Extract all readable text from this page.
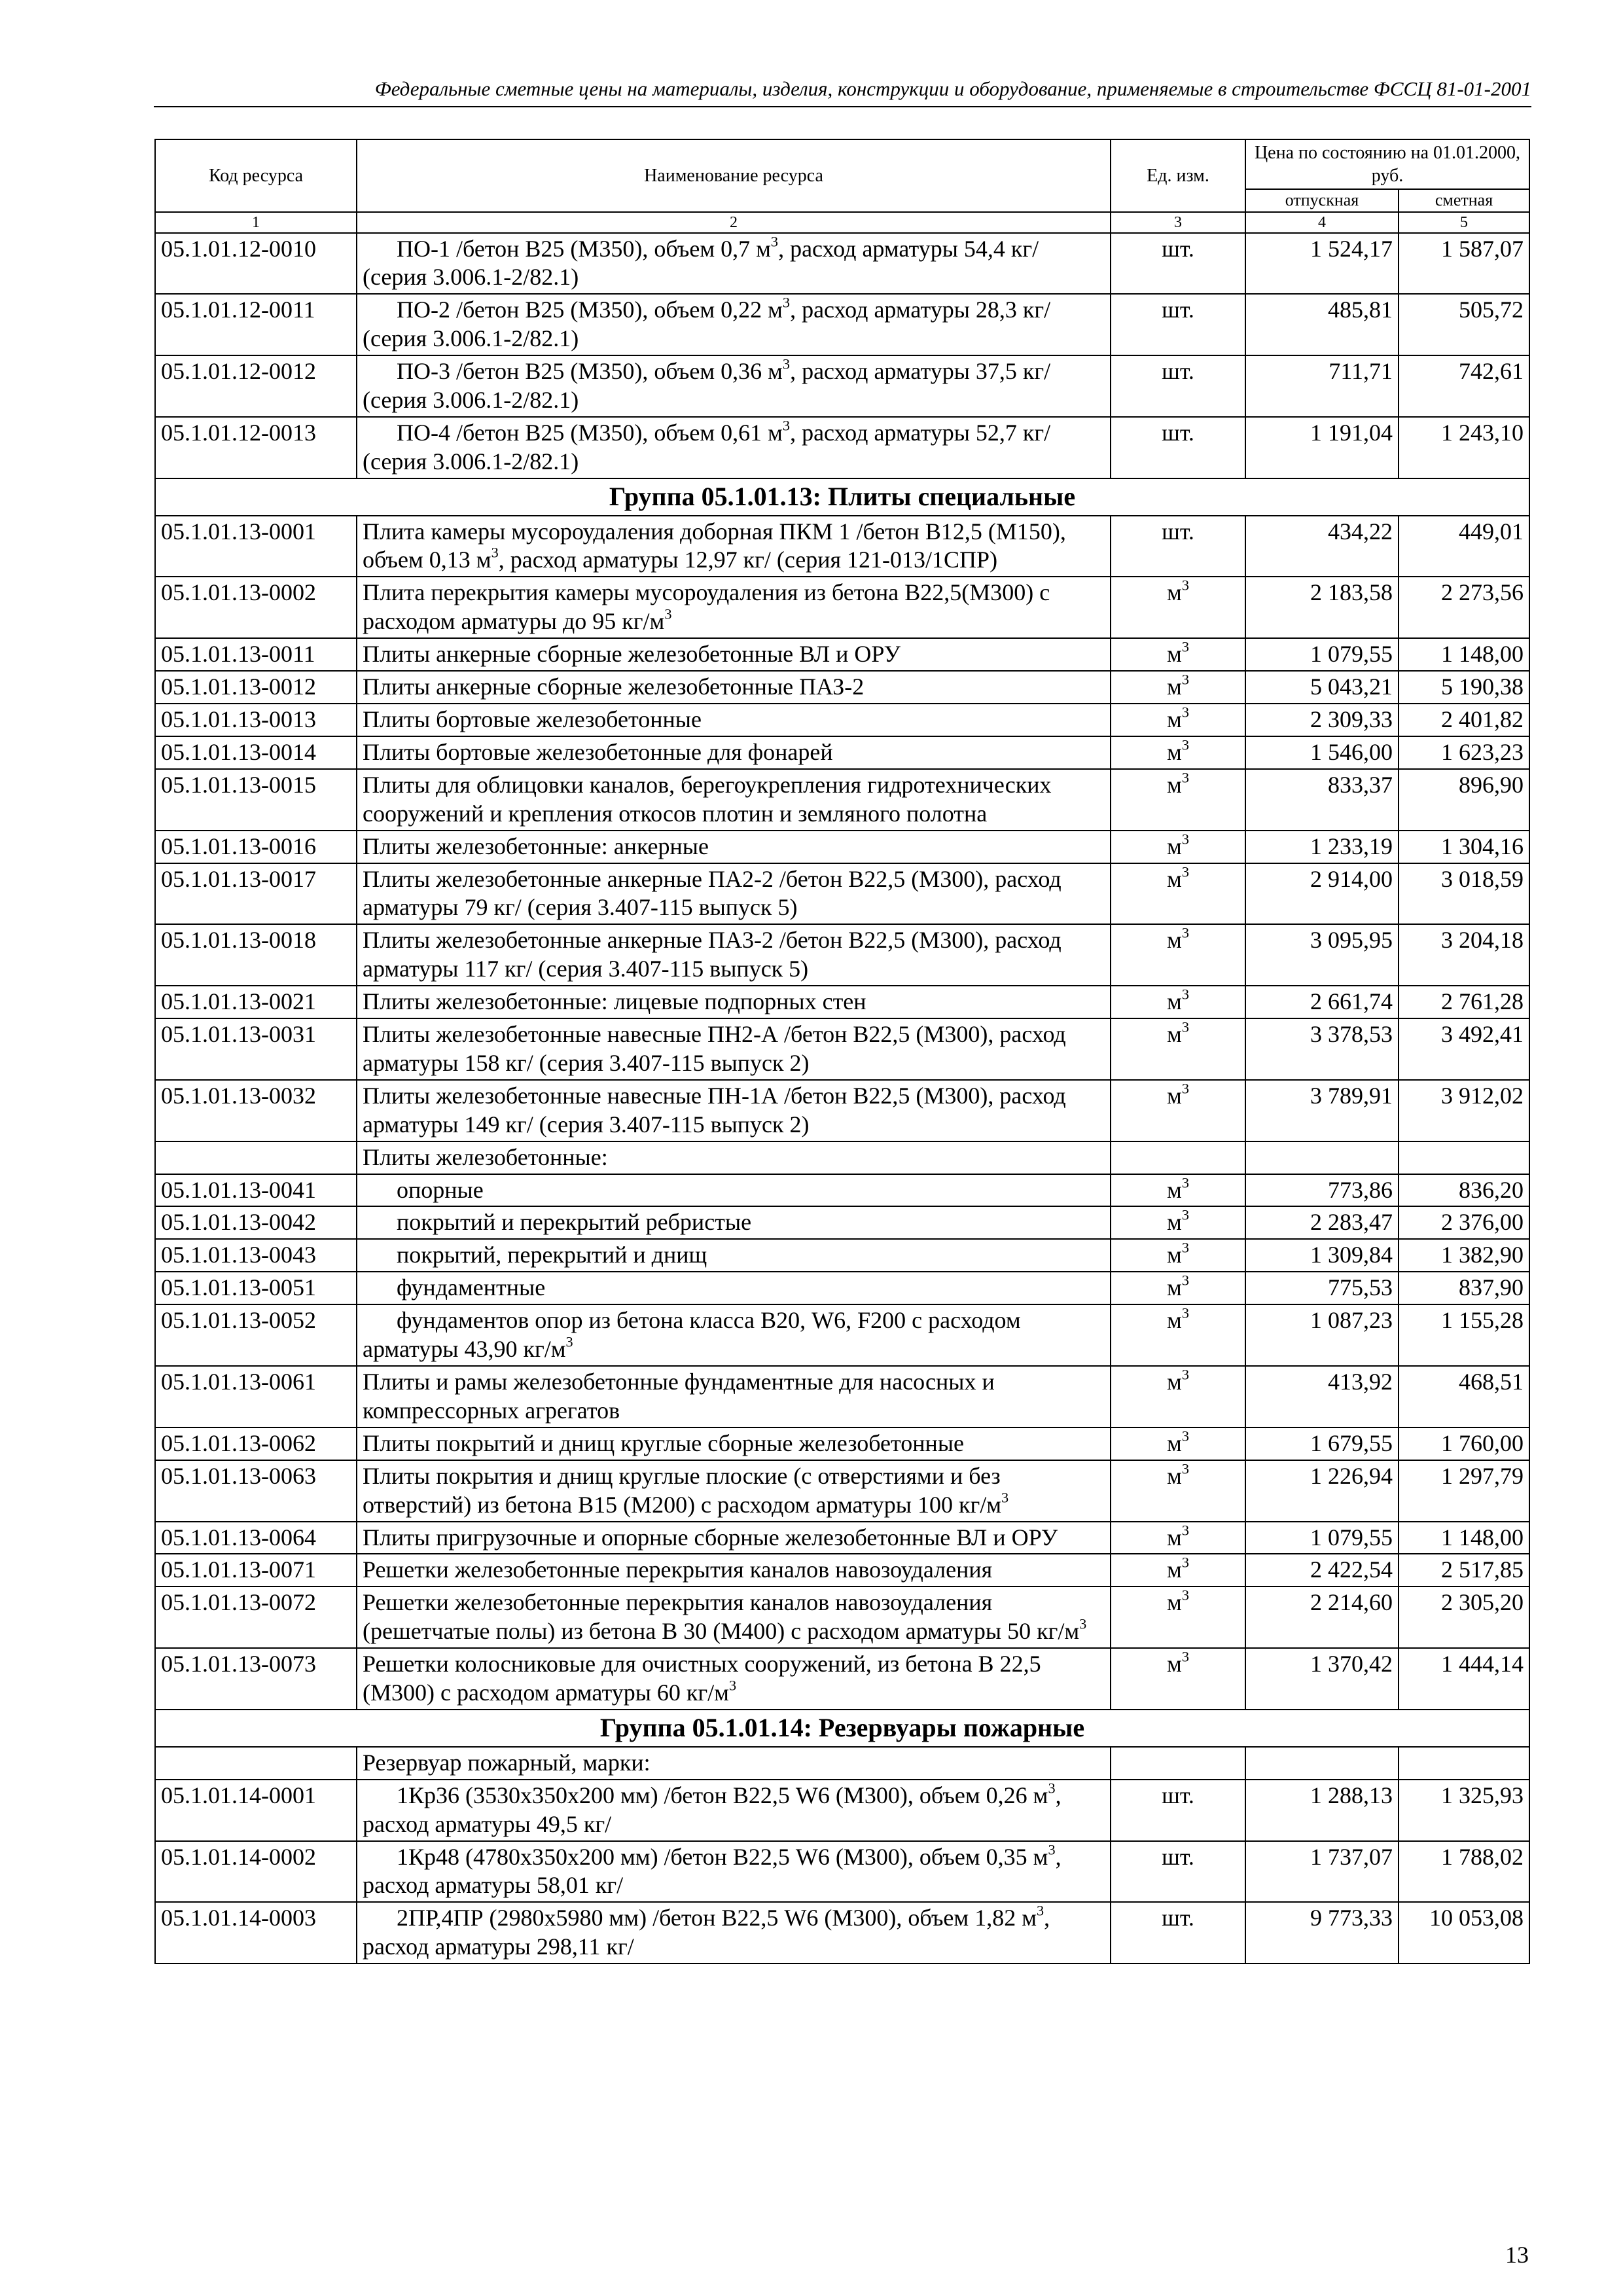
Федеральные сметные цены на материалы, изделия, конструкции и оборудование, применяемые в строительстве ФССЦ 81-01-2001
Код ресурса	Наименование ресурса	Ед. изм.	Цена по состоянию на 01.01.2000, руб.	
			отпускная	сметная
1	2	3	4	5
05.1.01.12-0010	ПО-1 /бетон В25 (М350), объем 0,7 $м^3$, расход арматуры 54,4 кг/ (серия 3.006.1-2/82.1)	шт.	1 524,17	1 587,07
05.1.01.12-0011	ПО-2 /бетон В25 (М350), объем 0,22 $м^3$, расход арматуры 28,3 кг/ (серия 3.006.1-2/82.1)	шт.	485,81	505,72
05.1.01.12-0012	ПО-3 /бетон В25 (М350), объем 0,36 $м^3$, расход арматуры 37,5 кг/ (серия 3.006.1-2/82.1)	шт.	711,71	742,61
05.1.01.12-0013	ПО-4 /бетон В25 (М350), объем 0,61 $м^3$, расход арматуры 52,7 кг/ (серия 3.006.1-2/82.1)	шт.	1 191,04	1 243,10
Группа 05.1.01.13: Плиты специальные				
05.1.01.13-0001	Плита камеры мусороудаления доборная ПКМ 1 /бетон В12,5 (М150), объем 0,13 $м^3$, расход арматуры 12,97 кг/ (серия 121-013/1СПР)	шт.	434,22	449,01
05.1.01.13-0002	Плита перекрытия камеры мусороудаления из бетона В22,5(М300) с расходом арматуры до 95 $кг/м^3$	$м^3$	2 183,58	2 273,56
05.1.01.13-0011	Плиты анкерные сборные железобетонные ВЛ и ОРУ	$м^3$	1 079,55	1 148,00
05.1.01.13-0012	Плиты анкерные сборные железобетонные ПАЗ-2	$м^3$	5 043,21	5 190,38
05.1.01.13-0013	Плиты бортовые железобетонные	$м^3$	2 309,33	2 401,82
05.1.01.13-0014	Плиты бортовые железобетонные для фонарей	$м^3$	1 546,00	1 623,23
05.1.01.13-0015	Плиты для облицовки каналов, берегоукрепления гидротехнических сооружений и крепления откосов плотин и земляного полотна	$м^3$	833,37	896,90
05.1.01.13-0016	Плиты железобетонные: анкерные	$м^3$	1 233,19	1 304,16
05.1.01.13-0017	Плиты железобетонные анкерные ПА2-2 /бетон В22,5 (М300), расход арматуры 79 кг/ (серия 3.407-115 выпуск 5)	$м^3$	2 914,00	3 018,59
05.1.01.13-0018	Плиты железобетонные анкерные ПА3-2 /бетон В22,5 (М300), расход арматуры 117 кг/ (серия 3.407-115 выпуск 5)	$м^3$	3 095,95	3 204,18
05.1.01.13-0021	Плиты железобетонные: лицевые подпорных стен	$м^3$	2 661,74	2 761,28
05.1.01.13-0031	Плиты железобетонные навесные ПН2-А /бетон В22,5 (М300), расход арматуры 158 кг/ (серия 3.407-115 выпуск 2)	$м^3$	3 378,53	3 492,41
05.1.01.13-0032	Плиты железобетонные навесные ПН-1А /бетон В22,5 (М300), расход арматуры 149 кг/ (серия 3.407-115 выпуск 2)	$м^3$	3 789,91	3 912,02
	Плиты железобетонные:			
05.1.01.13-0041	опорные	$м^3$	773,86	836,20
05.1.01.13-0042	покрытий и перекрытий ребристые	$м^3$	2 283,47	2 376,00
05.1.01.13-0043	покрытий, перекрытий и днищ	$м^3$	1 309,84	1 382,90
05.1.01.13-0051	фундаментные	$м^3$	775,53	837,90
05.1.01.13-0052	фундаментов опор из бетона класса В20, W6, F200 с расходом арматуры 43,90 $кг/м^3$	$м^3$	1 087,23	1 155,28
05.1.01.13-0061	Плиты и рамы железобетонные фундаментные для насосных и компрессорных агрегатов	$м^3$	413,92	468,51
05.1.01.13-0062	Плиты покрытий и днищ круглые сборные железобетонные	$м^3$	1 679,55	1 760,00
05.1.01.13-0063	Плиты покрытия и днищ круглые плоские (с отверстиями и без отверстий) из бетона В15 (М200) с расходом арматуры 100 $кг/м^3$	$м^3$	1 226,94	1 297,79
05.1.01.13-0064	Плиты пригрузочные и опорные сборные железобетонные ВЛ и ОРУ	$м^3$	1 079,55	1 148,00
05.1.01.13-0071	Решетки железобетонные перекрытия каналов навозоудаления	$м^3$	2 422,54	2 517,85
05.1.01.13-0072	Решетки железобетонные перекрытия каналов навозоудаления (решетчатые полы) из бетона В 30 (М400) с расходом арматуры 50 $кг/м^3$	$м^3$	2 214,60	2 305,20
05.1.01.13-0073	Решетки колосниковые для очистных сооружений, из бетона В 22,5 (М300) с расходом арматуры 60 $кг/м^3$	$м^3$	1 370,42	1 444,14
Группа 05.1.01.14: Резервуары пожарные				
	Резервуар пожарный, марки:			
05.1.01.14-0001	1Кр36 (3530x350x200 мм) /бетон В22,5 W6 (М300), объем 0,26 $м^3$, расход арматуры 49,5 кг/	шт.	1 288,13	1 325,93
05.1.01.14-0002	1Кр48 (4780x350x200 мм) /бетон В22,5 W6 (М300), объем 0,35 $м^3$, расход арматуры 58,01 кг/	шт.	1 737,07	1 788,02
05.1.01.14-0003	2ПР,4ПР (2980x5980 мм) /бетон В22,5 W6 (М300), объем 1,82 $м^3$, расход арматуры 298,11 кг/	шт.	9 773,33	10 053,08
13
